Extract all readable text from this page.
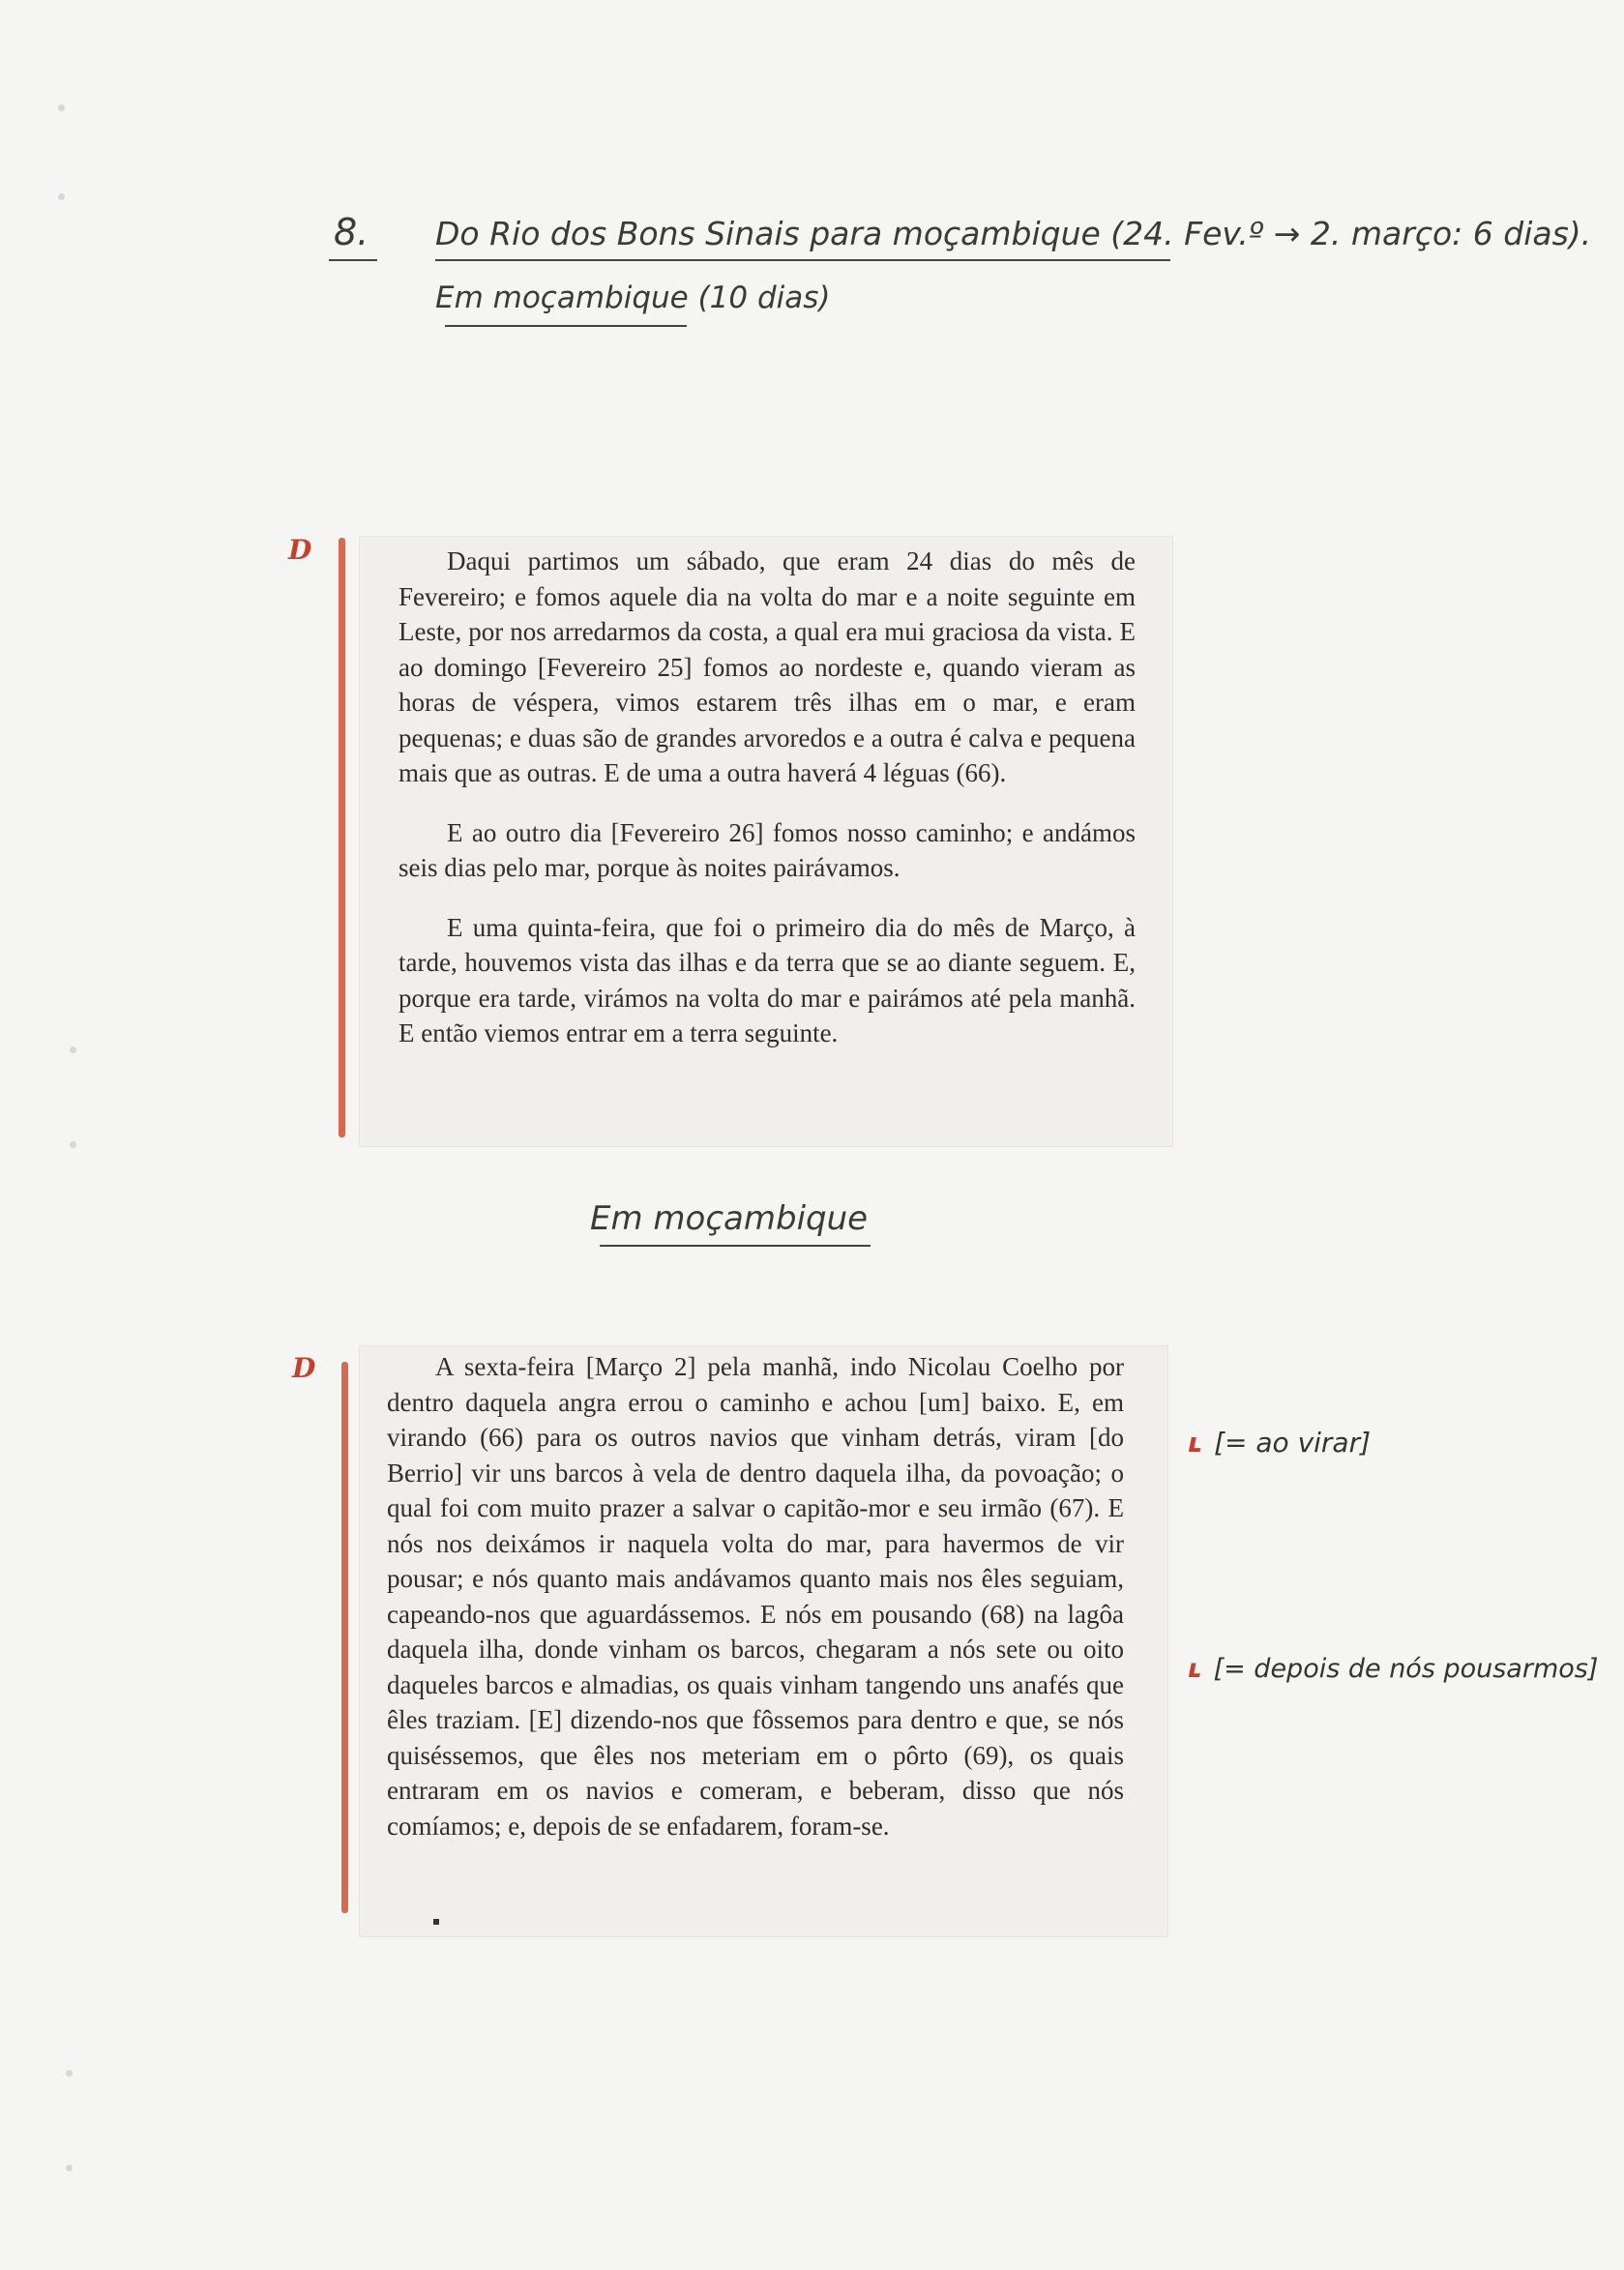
8. Do Rio dos Bons Sinais para moçambique (24. Fev.º → 2. março: 6 dias).
Em moçambique (10 dias)
D	Daqui partimos um sábado, que eram 24 dias do mês de Fevereiro; e fomos aquele dia na volta do mar e a noite seguinte em Leste, por nos arredarmos da costa, a qual era mui graciosa da vista. E ao domingo [Fevereiro 25] fomos ao nordeste e, quando vieram as horas de véspera, vimos estarem três ilhas em o mar, e eram pequenas; e duas são de grandes arvoredos e a outra é calva e pequena mais que as outras. E de uma a outra haverá 4 léguas (66).

E ao outro dia [Fevereiro 26] fomos nosso caminho; e andámos seis dias pelo mar, porque às noites pairávamos.

E uma quinta-feira, que foi o primeiro dia do mês de Março, à tarde, houvemos vista das ilhas e da terra que se ao diante seguem. E, porque era tarde, virámos na volta do mar e pairámos até pela manhã. E então viemos entrar em a terra seguinte.

Em moçambique
D	A sexta-feira [Março 2] pela manhã, indo Nicolau Coelho por dentro daquela angra errou o caminho e achou [um] baixo. E, em virando (66) para os outros navios que vinham detrás, viram [do Berrio] vir uns barcos à vela de dentro daquela ilha, da povoação; o qual foi com muito prazer a salvar o capitão-mor e seu irmão (67). E nós nos deixámos ir naquela volta do mar, para havermos de vir pousar; e nós quanto mais andávamos quanto mais nos êles seguiam, capeando-nos que aguardássemos. E nós em pousando (68) na lagôa daquela ilha, donde vinham os barcos, chegaram a nós sete ou oito daqueles barcos e almadias, os quais vinham tangendo uns anafés que êles traziam. [E] dizendo-nos que fôssemos para dentro e que, se nós quiséssemos, que êles nos meteriam em o pôrto (69), os quais entraram em os navios e comeram, e beberam, disso que nós comíamos; e, depois de se enfadarem, foram-se.

ʟ [= ao virar]
ʟ [= depois de nós pousarmos]
